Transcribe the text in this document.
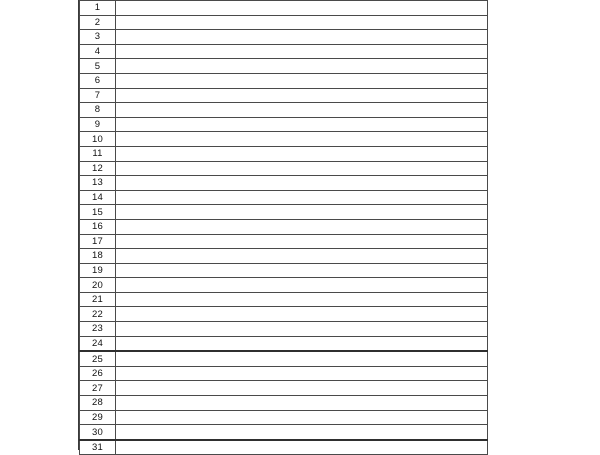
1	
2	
3	
4	
5	
6	
7	
8	
9	
10	
11	
12	
13	
14	
15	
16	
17	
18	
19	
20	
21	
22	
23	
24	
25	
26	
27	
28	
29	
30	
31	
